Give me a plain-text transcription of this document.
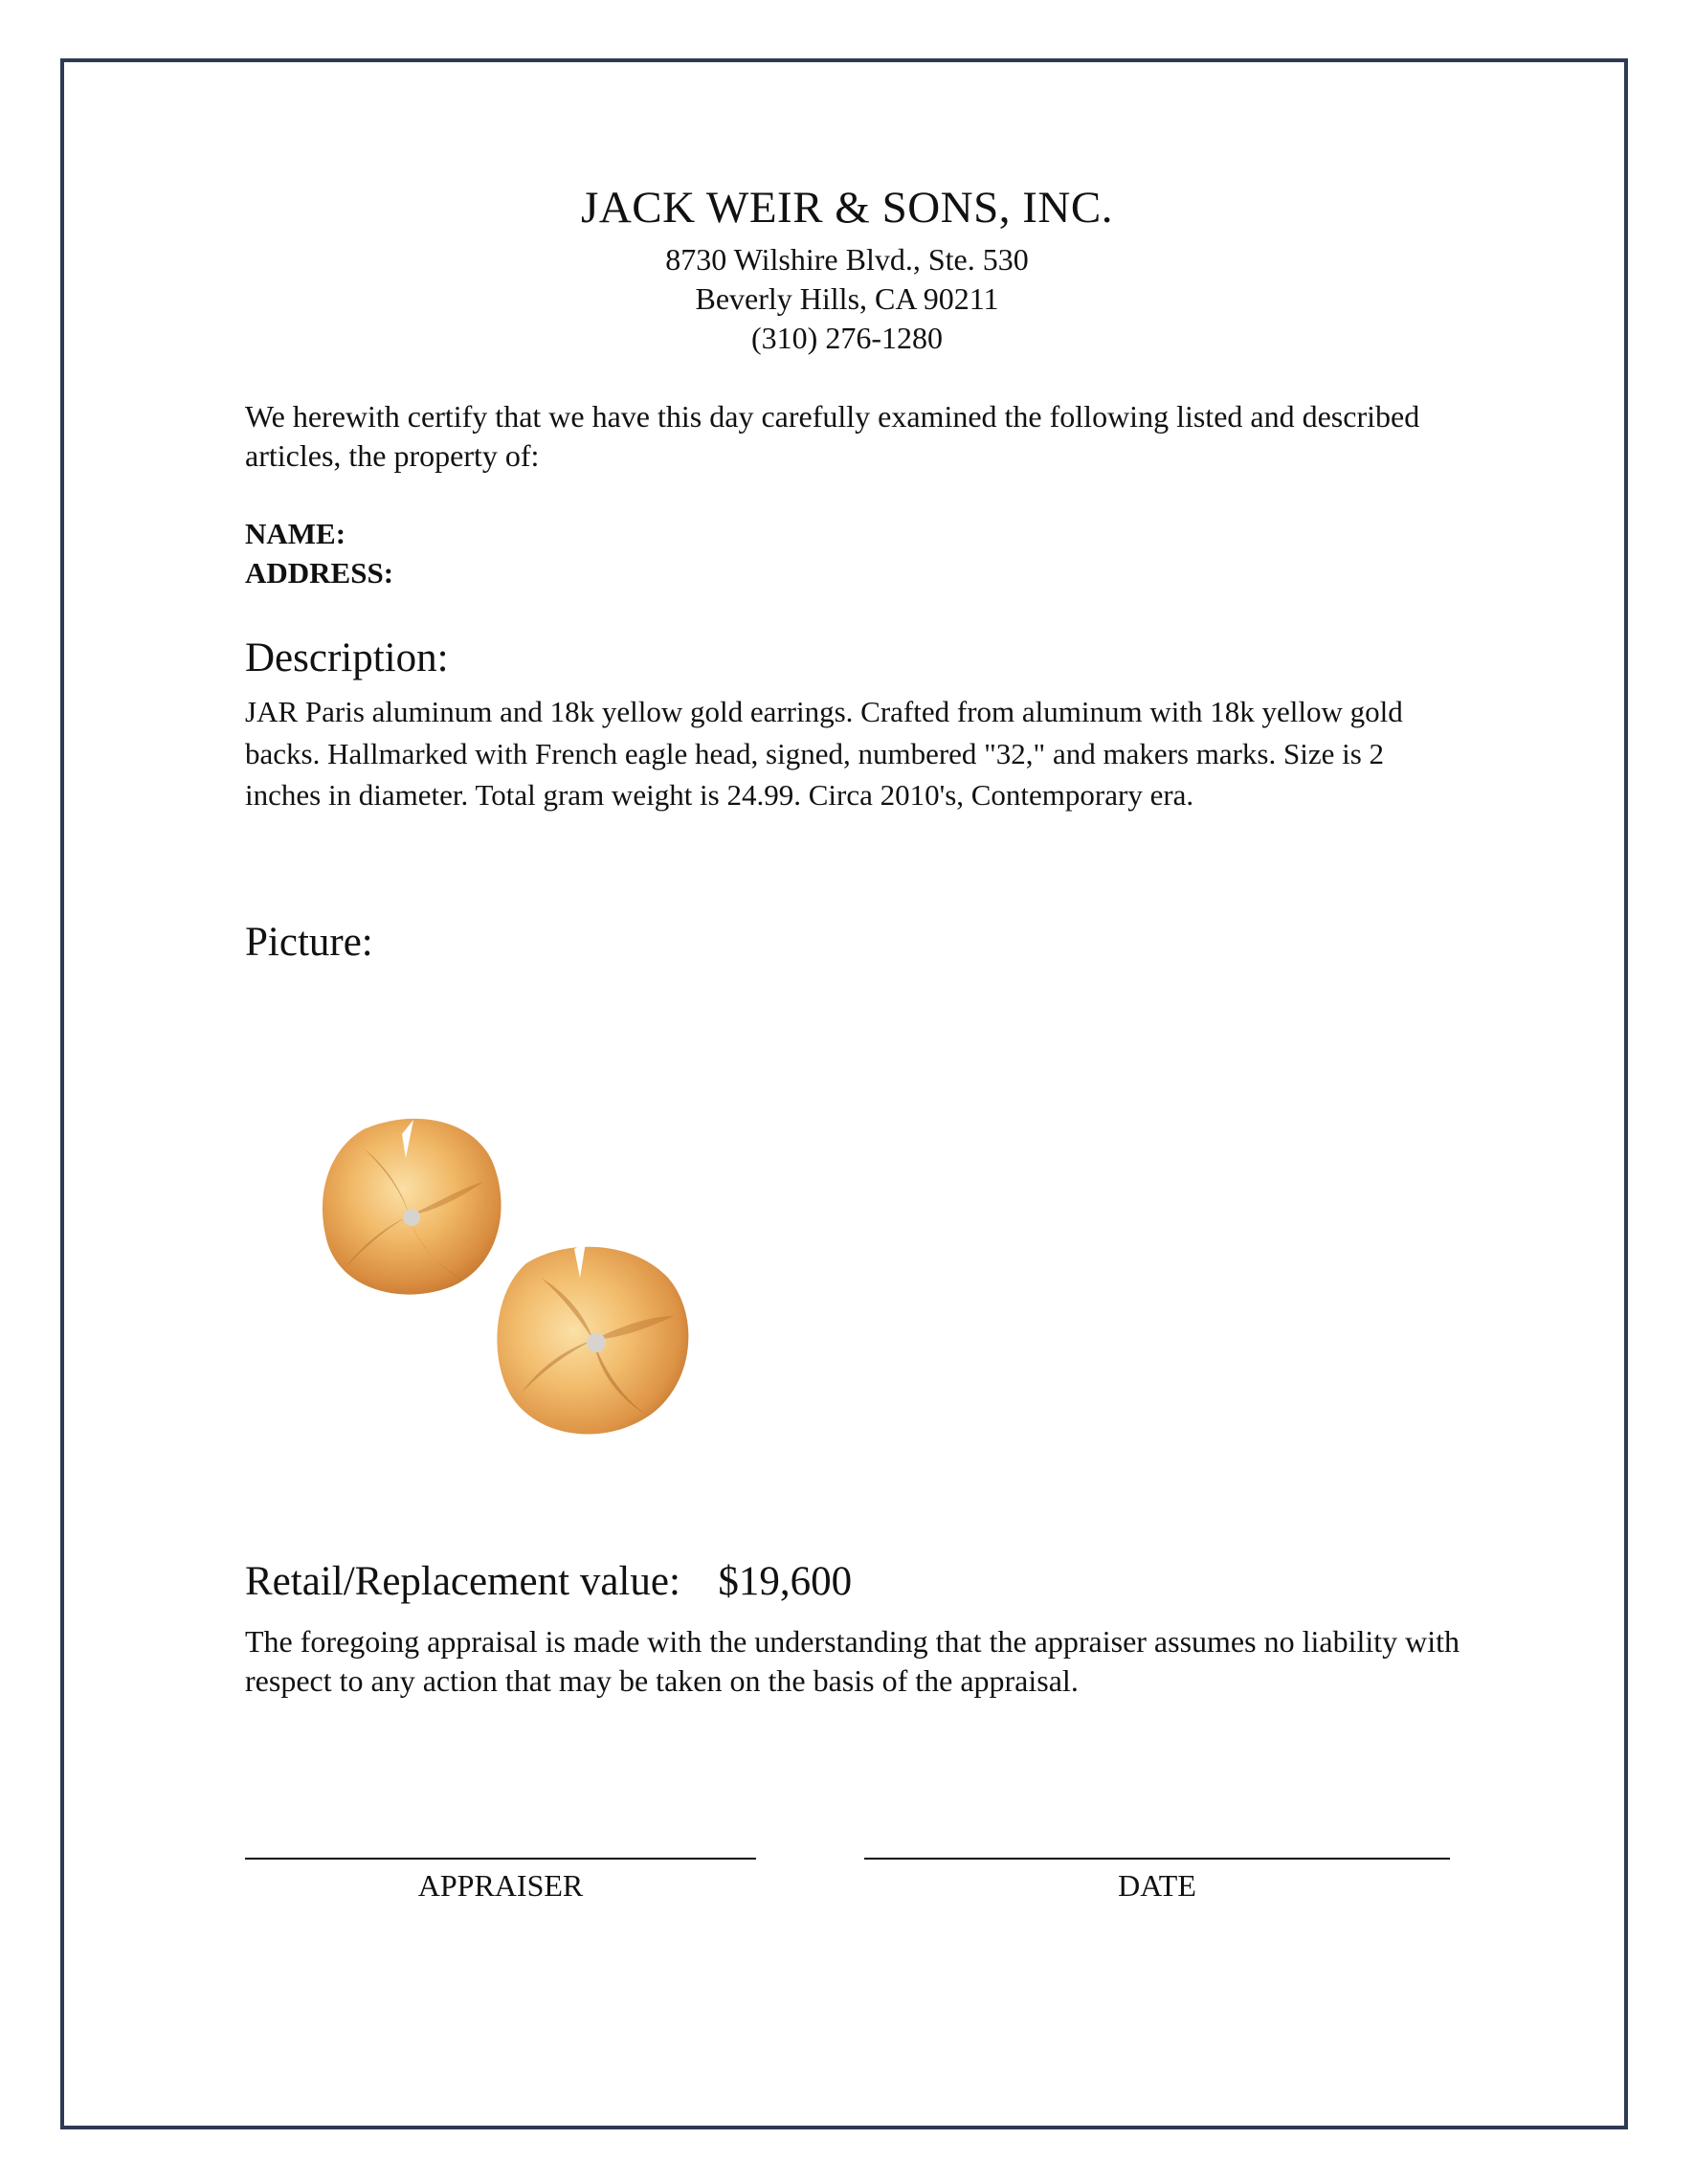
JACK WEIR & SONS, INC.
8730 Wilshire Blvd., Ste. 530
Beverly Hills, CA 90211
(310) 276-1280
We herewith certify that we have this day carefully examined the following listed and described articles, the property of:
NAME:
ADDRESS:
Description:
JAR Paris aluminum and 18k yellow gold earrings. Crafted from aluminum with 18k yellow gold backs. Hallmarked with French eagle head, signed, numbered "32," and makers marks. Size is 2 inches in diameter. Total gram weight is 24.99. Circa 2010's, Contemporary era.
Picture:
Retail/Replacement value: $19,600
The foregoing appraisal is made with the understanding that the appraiser assumes no liability with respect to any action that may be taken on the basis of the appraisal.
APPRAISER	DATE
